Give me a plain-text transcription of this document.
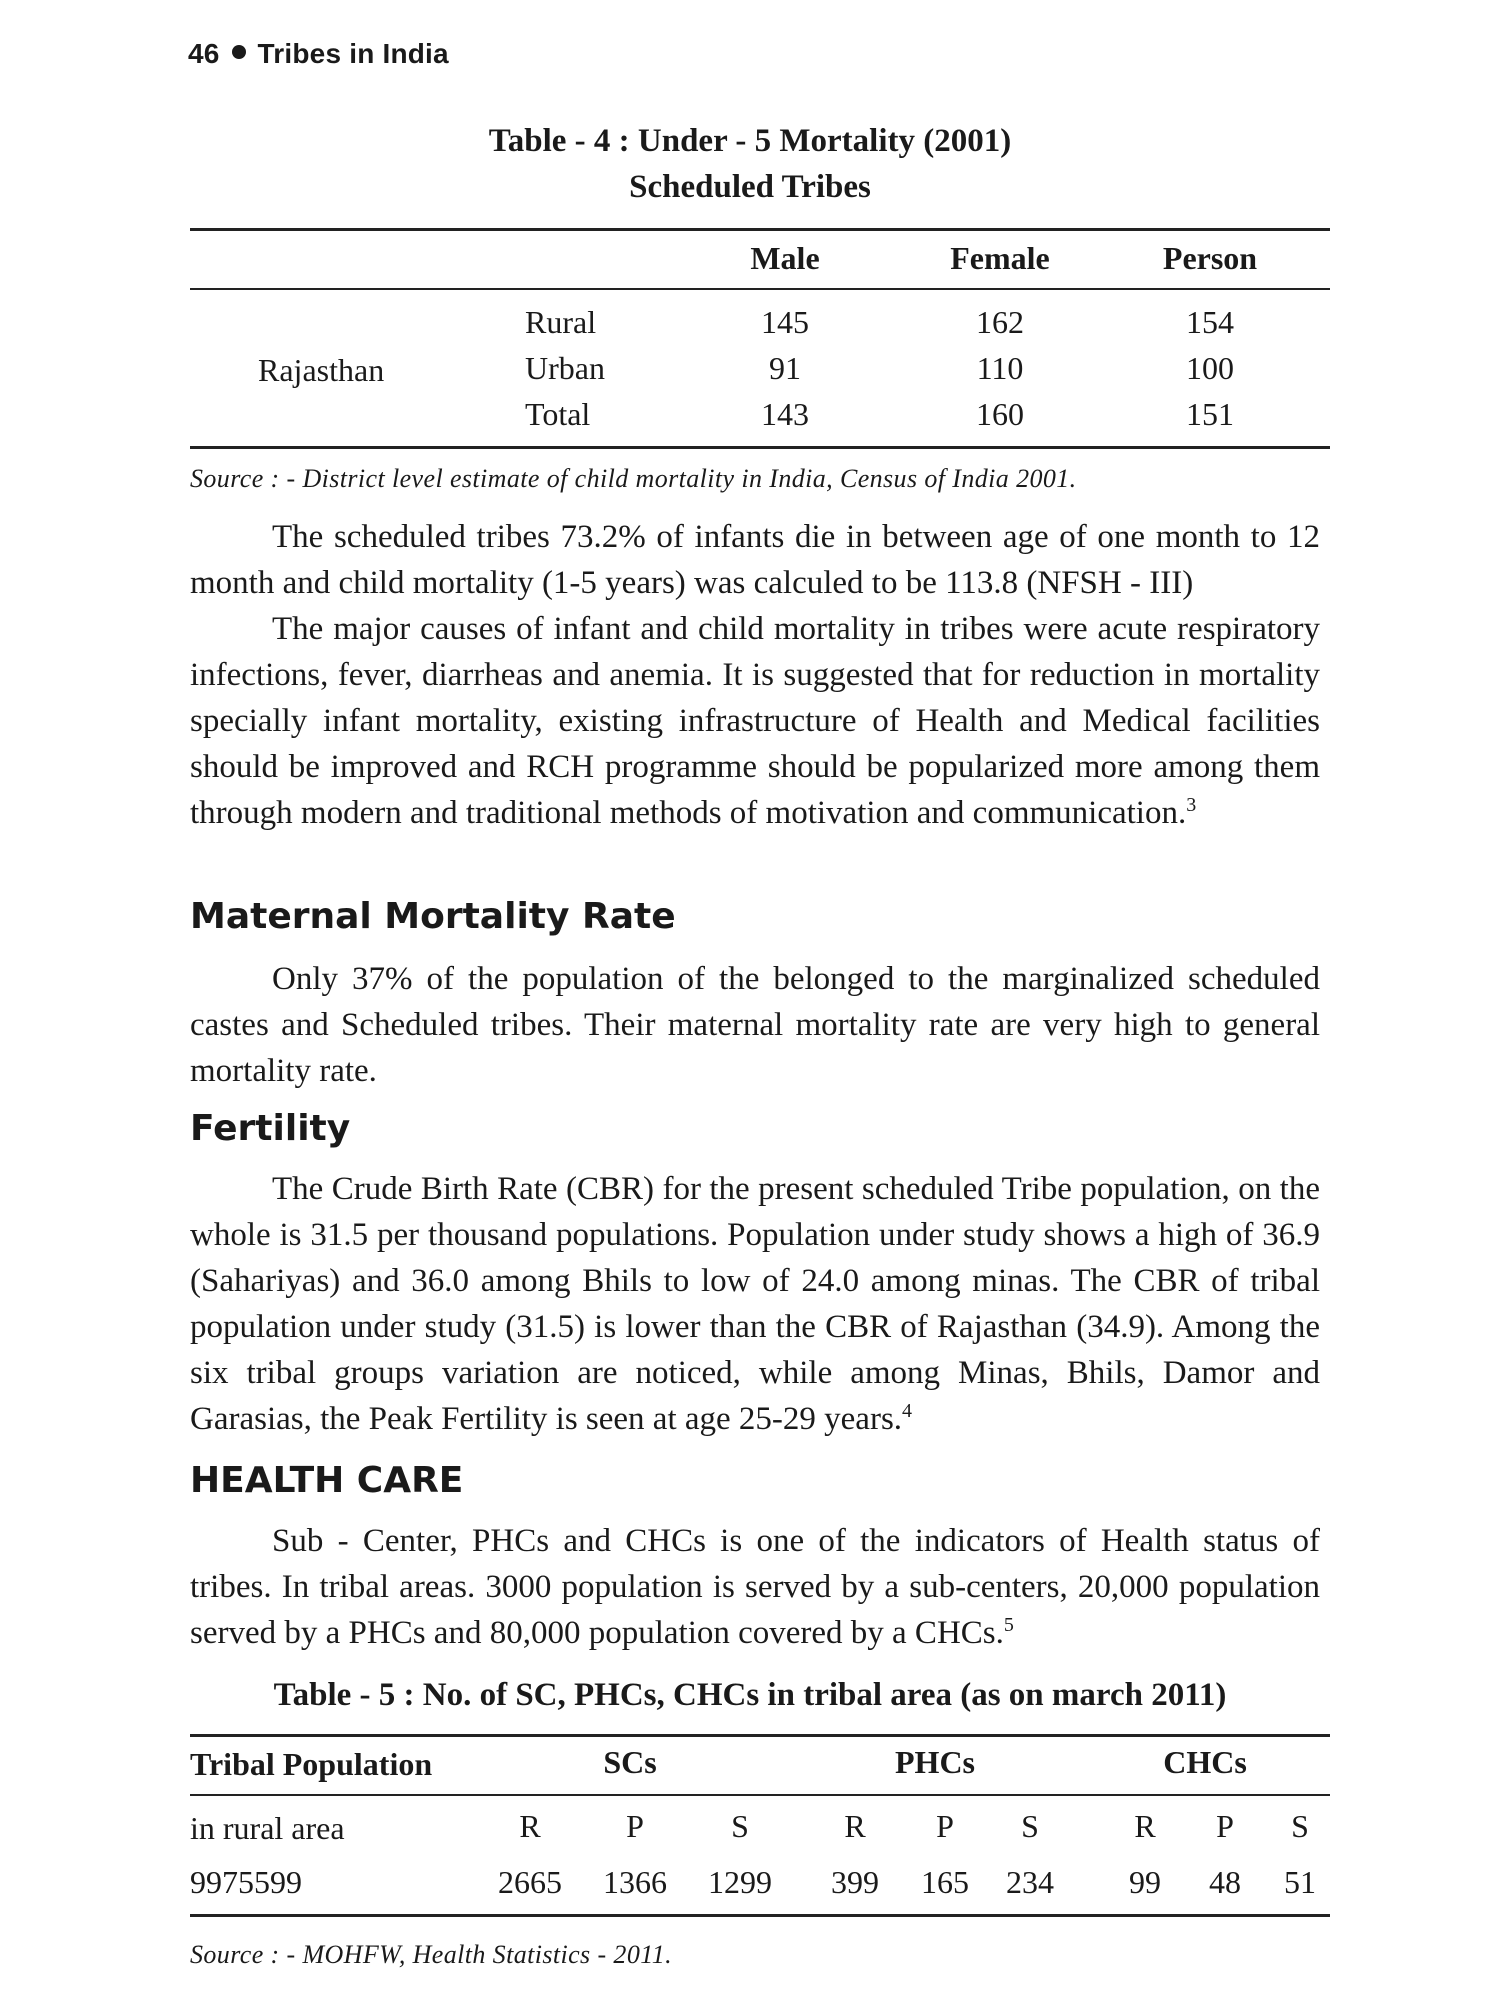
46 Tribes in India
Table - 4 : Under - 5 Mortality (2001)
Scheduled Tribes
Male	Female	Person
Rajasthan
Rural	145	162	154
Urban	91	110	100
Total	143	160	151
Source : - District level estimate of child mortality in India, Census of India 2001.

The scheduled tribes 73.2% of infants die in between age of one month to 12 month and child mortality (1-5 years) was calculed to be 113.8 (NFSH - III)

The major causes of infant and child mortality in tribes were acute respiratory infections, fever, diarrheas and anemia. It is suggested that for reduction in mortality specially infant mortality, existing infrastructure of Health and Medical facilities should be improved and RCH programme should be popularized more among them through modern and traditional methods of motivation and communication.$^3$

Maternal Mortality Rate

Only 37% of the population of the belonged to the marginalized scheduled castes and Scheduled tribes. Their maternal mortality rate are very high to general mortality rate.

Fertility

The Crude Birth Rate (CBR) for the present scheduled Tribe population, on the whole is 31.5 per thousand populations. Population under study shows a high of 36.9 (Sahariyas) and 36.0 among Bhils to low of 24.0 among minas. The CBR of tribal population under study (31.5) is lower than the CBR of Rajasthan (34.9). Among the six tribal groups variation are noticed, while among Minas, Bhils, Damor and Garasias, the Peak Fertility is seen at age 25-29 years.$^4$

HEALTH CARE

Sub - Center, PHCs and CHCs is one of the indicators of Health status of tribes. In tribal areas. 3000 population is served by a sub-centers, 20,000 population served by a PHCs and 80,000 population covered by a CHCs.$^5$

Table - 5 : No. of SC, PHCs, CHCs in tribal area (as on march 2011)
Tribal Population	SCs	PHCs	CHCs
in rural area	R	P	S	R	P	S	R	P	S
9975599	2665	1366	1299	399	165	234	99	48	51
Source : - MOHFW, Health Statistics - 2011.
